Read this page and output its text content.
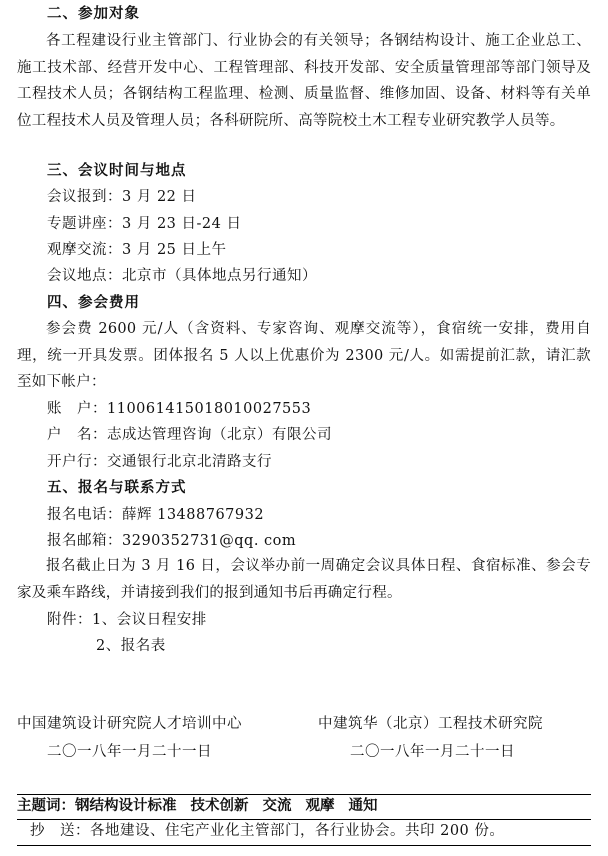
二、参加对象
各工程建设行业主管部门、行业协会的有关领导；各钢结构设计、施工企业总工、施工技术部、经营开发中心、工程管理部、科技开发部、安全质量管理部等部门领导及工程技术人员；各钢结构工程监理、检测、质量监督、维修加固、设备、材料等有关单位工程技术人员及管理人员；各科研院所、高等院校土木工程专业研究教学人员等。
三、会议时间与地点
会议报到：3 月 22 日
专题讲座：3 月 23 日-24 日
观摩交流：3 月 25 日上午
会议地点：北京市（具体地点另行通知）
四、参会费用
参会费 2600 元/人（含资料、专家咨询、观摩交流等），食宿统一安排，费用自理，统一开具发票。团体报名 5 人以上优惠价为 2300 元/人。如需提前汇款，请汇款至如下帐户：
账　户：110061415018010027553
户　名：志成达管理咨询（北京）有限公司
开户行：交通银行北京北清路支行
五、报名与联系方式
报名电话：薛辉 13488767932
报名邮箱：3290352731@qq. com
报名截止日为 3 月 16 日，会议举办前一周确定会议具体日程、食宿标准、参会专家及乘车路线，并请接到我们的报到通知书后再确定行程。
附件：1、会议日程安排
2、报名表
中国建筑设计研究院人才培训中心
二〇一八年一月二十一日
中建筑华（北京）工程技术研究院
二〇一八年一月二十一日
主题词：钢结构设计标准 技术创新 交流 观摩 通知
抄　送：各地建设、住宅产业化主管部门，各行业协会。共印 200 份。
